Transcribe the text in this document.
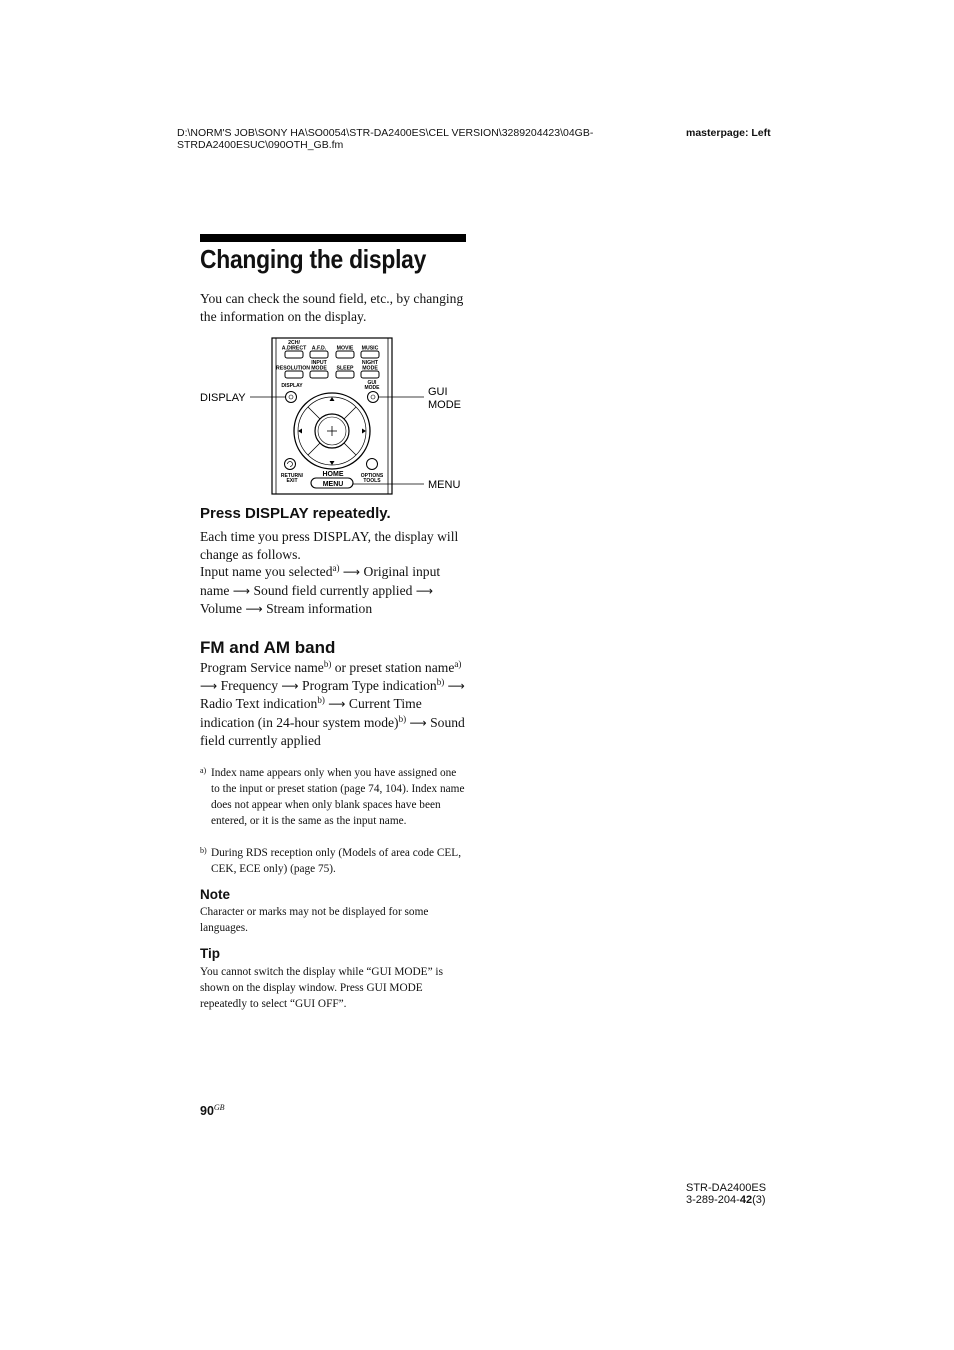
D:\NORM'S JOB\SONY HA\SO0054\STR-DA2400ES\CEL VERSION\3289204423\04GB-STRDA2400ESUC\090OTH_GB.fm
masterpage: Left
Changing the display
You can check the sound field, etc., by changing the information on the display.
2CH/
A.DIRECT A.F.D. MOVIE MUSIC
INPUT	NIGHT
RESOLUTION MODE SLEEP MODE
DISPLAY	GUI
MODE
RETURN/
EXIT
HOME	OPTIONS
TOOLS
MENU
DISPLAY	GUI
MODE
MENU
Press DISPLAY repeatedly.
Each time you press DISPLAY, the display will change as follows.
Input name you selected$^{a)}$ ⟶ Original input name ⟶ Sound field currently applied ⟶ Volume ⟶ Stream information
FM and AM band
Program Service name$^{b)}$ or preset station name$^{a)}$ ⟶ Frequency ⟶ Program Type indication$^{b)}$ ⟶ Radio Text indication$^{b)}$ ⟶ Current Time indication (in 24-hour system mode)$^{b)}$ ⟶ Sound field currently applied
a) Index name appears only when you have assigned one to the input or preset station (page 74, 104). Index name does not appear when only blank spaces have been entered, or it is the same as the input name.
b) During RDS reception only (Models of area code CEL, CEK, ECE only) (page 75).
Note
Character or marks may not be displayed for some languages.
Tip
You cannot switch the display while “GUI MODE” is shown on the display window. Press GUI MODE repeatedly to select “GUI OFF”.
$90^{GB}$
STR-DA2400ES
3-289-204-42(3)
